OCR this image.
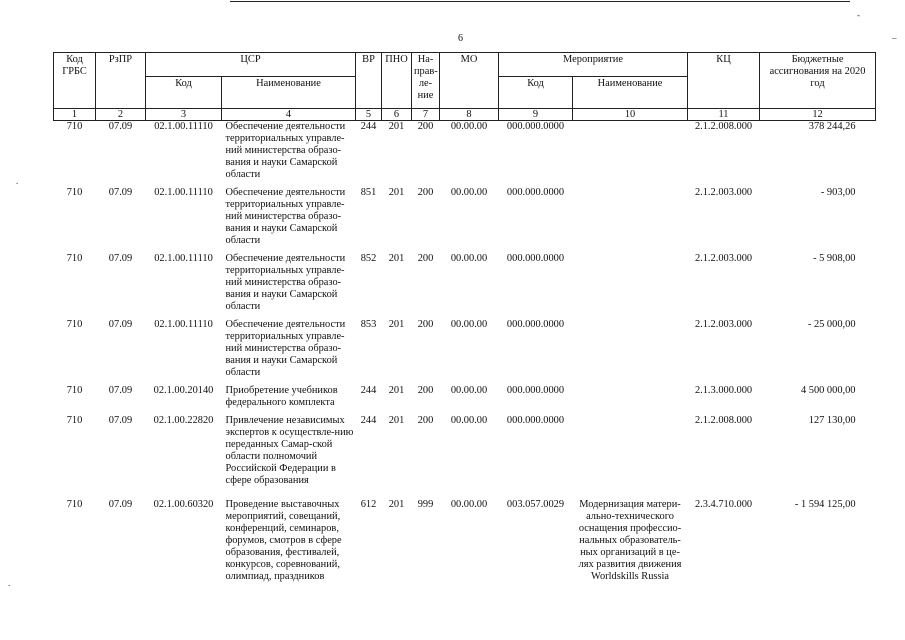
6
-
_
.
.
Код ГРБС	РзПР	ЦСР		ВР	ПНО	На-прав-ле-ние	МО	Мероприятие		КЦ	Бюджетные ассигнования на 2020 год
		Код	Наименование					Код	Наименование		
1	2	3	4	5	6	7	8	9	10	11	12
710	07.09	02.1.00.11110	Обеспечение деятельности территориальных управле-ний министерства образо-вания и науки Самарской области	244	201	200	00.00.00	000.000.0000		2.1.2.008.000	378 244,26
710	07.09	02.1.00.11110	Обеспечение деятельности территориальных управле-ний министерства образо-вания и науки Самарской области	851	201	200	00.00.00	000.000.0000		2.1.2.003.000	- 903,00
710	07.09	02.1.00.11110	Обеспечение деятельности территориальных управле-ний министерства образо-вания и науки Самарской области	852	201	200	00.00.00	000.000.0000		2.1.2.003.000	- 5 908,00
710	07.09	02.1.00.11110	Обеспечение деятельности территориальных управле-ний министерства образо-вания и науки Самарской области	853	201	200	00.00.00	000.000.0000		2.1.2.003.000	- 25 000,00
710	07.09	02.1.00.20140	Приобретение учебников федерального комплекта	244	201	200	00.00.00	000.000.0000		2.1.3.000.000	4 500 000,00
710	07.09	02.1.00.22820	Привлечение независимых экспертов к осуществле-нию переданных Самар-ской области полномочий Российской Федерации в сфере образования	244	201	200	00.00.00	000.000.0000		2.1.2.008.000	127 130,00
710	07.09	02.1.00.60320	Проведение выставочных мероприятий, совещаний, конференций, семинаров, форумов, смотров в сфере образования, фестивалей, конкурсов, соревнований, олимпиад, праздников	612	201	999	00.00.00	003.057.0029	Модернизация матери-ально-технического оснащения профессио-нальных образователь-ных организаций в це-лях развития движения Worldskills Russia	2.3.4.710.000	- 1 594 125,00
